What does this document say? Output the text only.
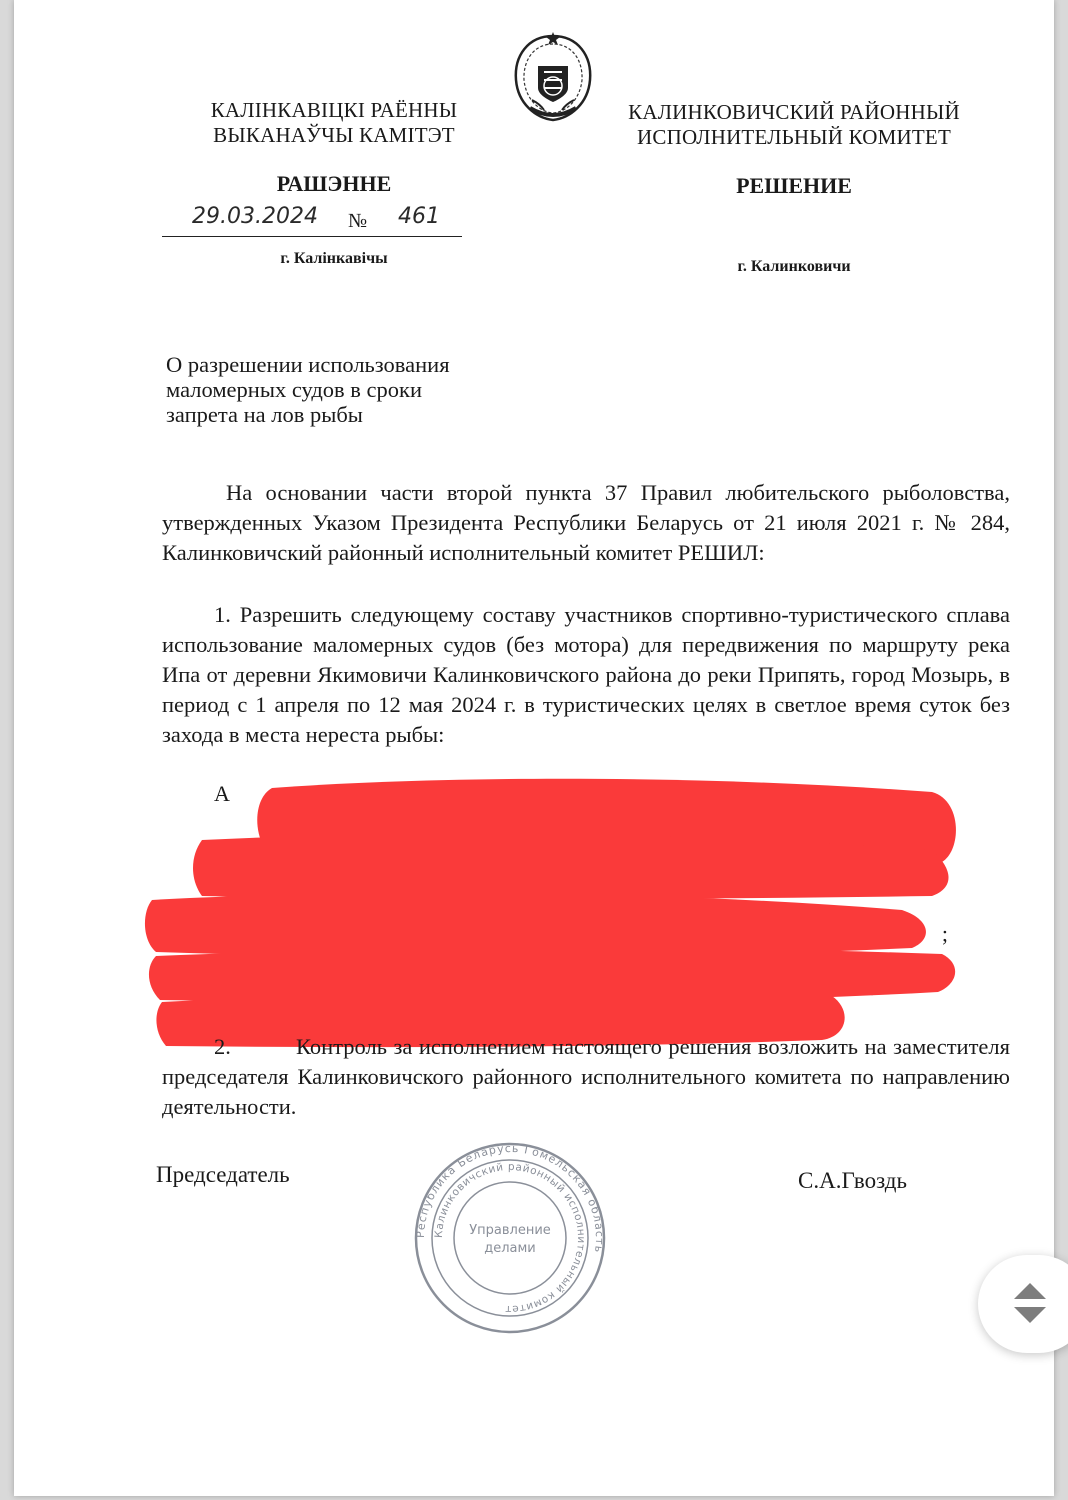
КАЛІНКАВІЦКІ РАЁННЫ
ВЫКАНАЎЧЫ КАМІТЭТ
КАЛИНКОВИЧСКИЙ РАЙОННЫЙ
ИСПОЛНИТЕЛЬНЫЙ КОМИТЕТ
РАШЭННЕ	РЕШЕНИЕ
29.03.2024 № 461
г. Калінкавічы	г. Калинковичи

О разрешении использования

маломерных судов в сроки

запрета на лов рыбы

На основании части второй пункта 37 Правил любительского рыболовства, утвержденных Указом Президента Республики Беларусь от 21 июля 2021 г. № 284, Калинковичский районный исполнительный комитет РЕШИЛ:
1. Разрешить следующему составу участников спортивно-туристического сплава использование маломерных судов (без мотора) для передвижения по маршруту река Ипа от деревни Якимовичи Калинковичского района до реки Припять, город Мозырь, в период с 1 апреля по 12 мая 2024 г. в туристических целях в светлое время суток без захода в места нереста рыбы:

А

;

2.	Контроль за исполнением настоящего решения возложить на заместителя председателя Калинковичского районного исполнительного комитета по направлению деятельности.
Председатель	С.А.Гвоздь
Республика Беларусь Гомельская область
Калинковичский районный исполнительный комитет
Управление
делами
